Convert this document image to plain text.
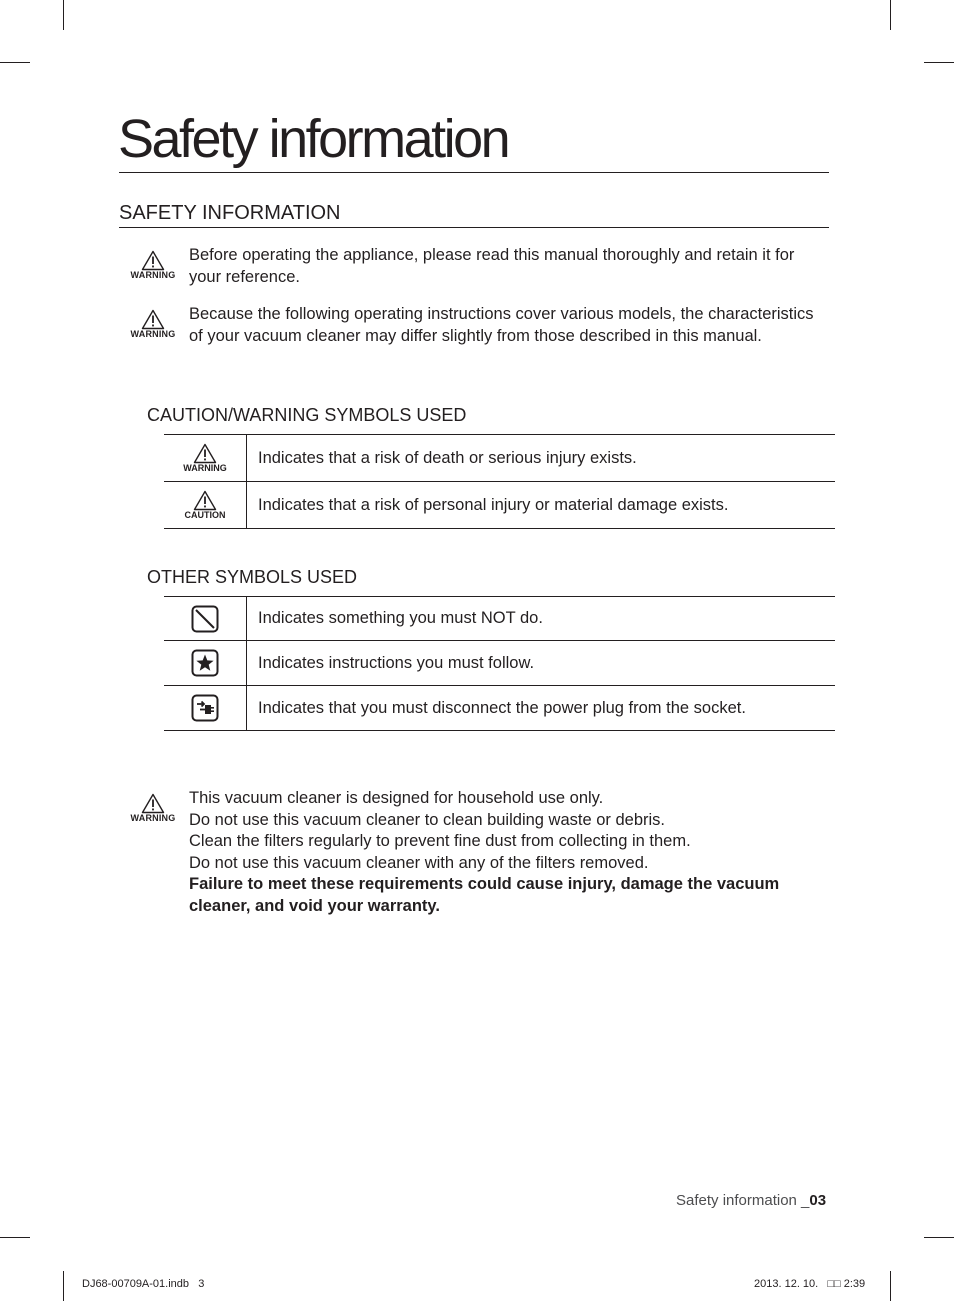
Safety information
SAFETY INFORMATION
WARNING

Before operating the appliance, please read this manual thoroughly and retain it for your reference.

WARNING

Because the following operating instructions cover various models, the characteristics of your vacuum cleaner may differ slightly from those described in this manual.

CAUTION/WARNING SYMBOLS USED
WARNING	Indicates that a risk of death or serious injury exists.

CAUTION	Indicates that a risk of personal injury or material damage exists.
OTHER SYMBOLS USED
	Indicates something you must NOT do.

	Indicates instructions you must follow.

	Indicates that you must disconnect the power plug from the socket.
WARNING

This vacuum cleaner is designed for household use only.

Do not use this vacuum cleaner to clean building waste or debris.

Clean the filters regularly to prevent fine dust from collecting in them.

Do not use this vacuum cleaner with any of the filters removed.

Failure to meet these requirements could cause injury, damage the vacuum cleaner, and void your warranty.

Safety information _03
DJ68-00709A-01.indb   3	2013. 12. 10.   □□ 2:39
